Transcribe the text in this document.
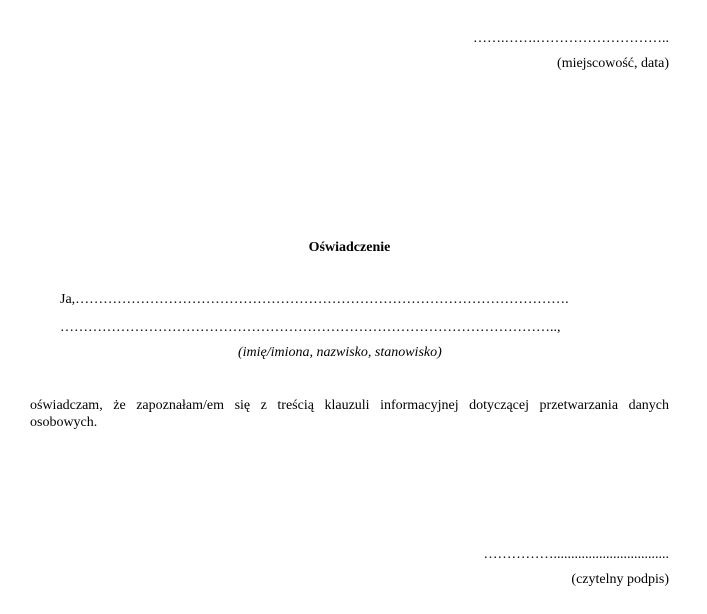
…….…….………………………..
(miejscowość, data)
Oświadczenie
Ja,…………………………………………………………………………………………….
……………………………………………………………………………………………..,
(imię/imiona, nazwisko, stanowisko)
oświadczam, że zapoznałam/em się z treścią klauzuli informacyjnej dotyczącej przetwarzania danych
osobowych.
…………….................................
(czytelny podpis)
